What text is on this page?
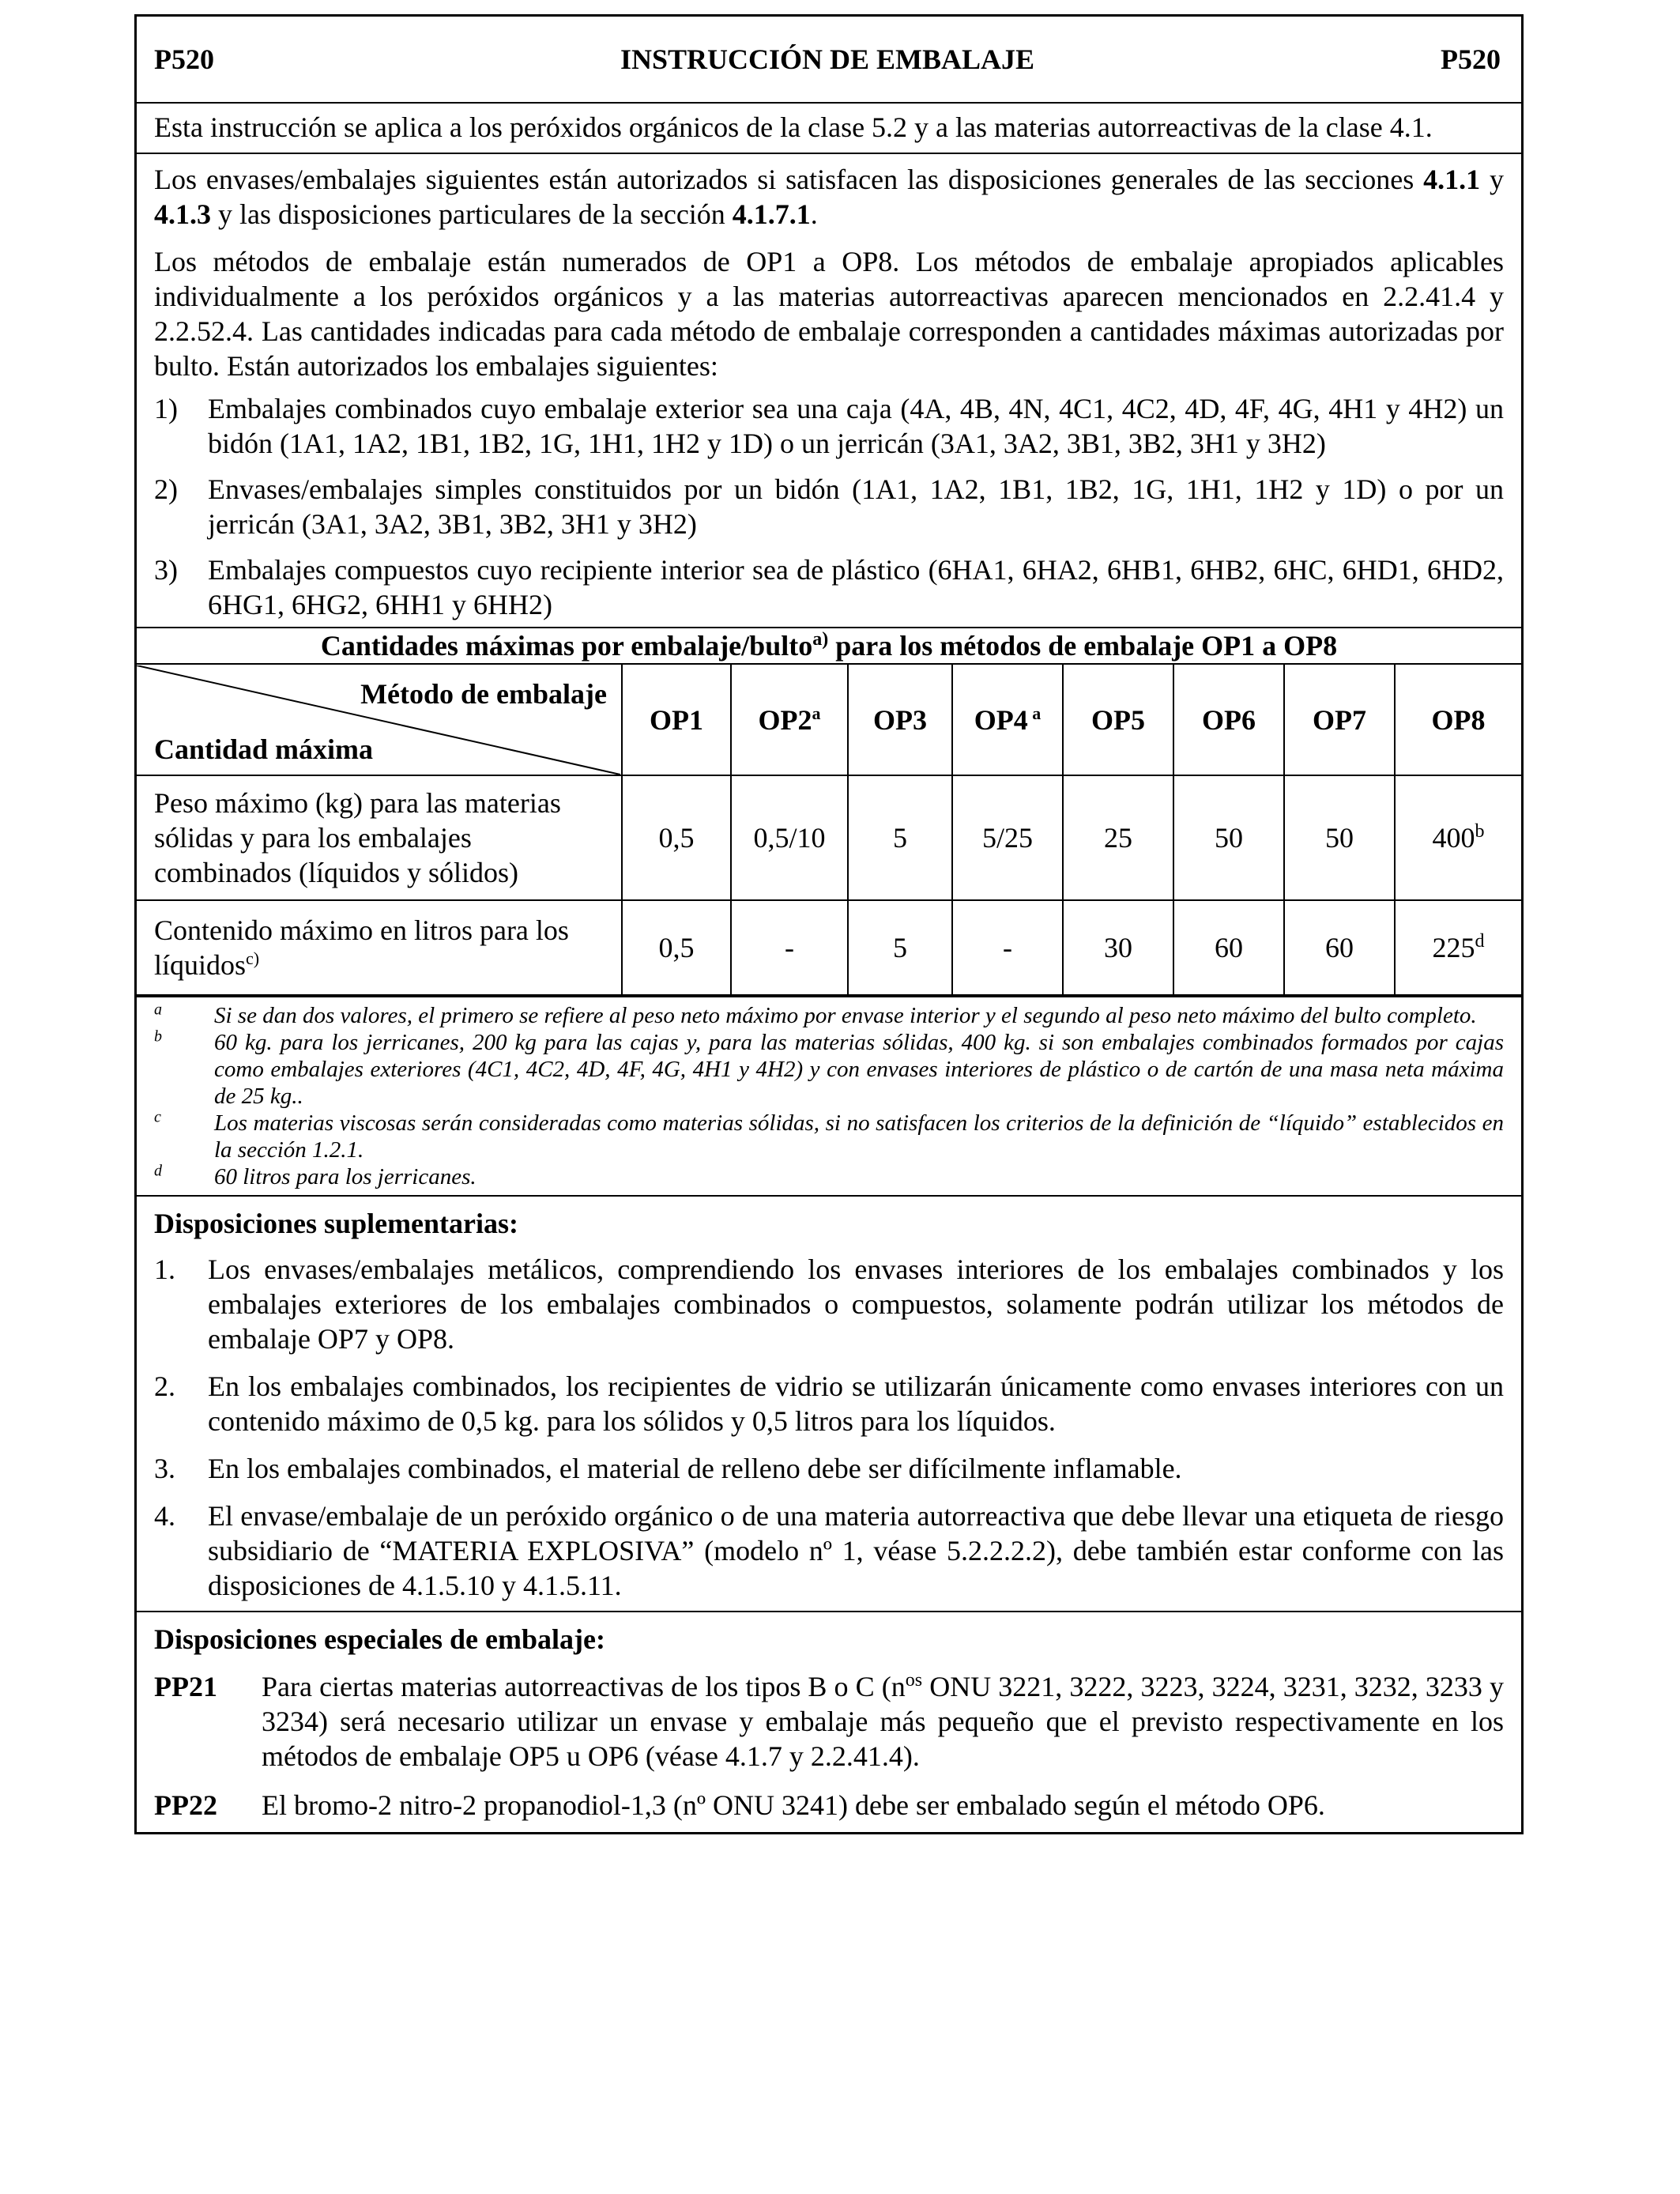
P520	INSTRUCCIÓN DE EMBALAJE	P520

Esta instrucción se aplica a los peróxidos orgánicos de la clase 5.2 y a las materias autorreactivas de la clase 4.1.

Los envases/embalajes siguientes están autorizados si satisfacen las disposiciones generales de las secciones 4.1.1 y 4.1.3 y las disposiciones particulares de la sección 4.1.7.1.

Los métodos de embalaje están numerados de OP1 a OP8. Los métodos de embalaje apropiados aplicables individualmente a los peróxidos orgánicos y a las materias autorreactivas aparecen mencionados en 2.2.41.4 y 2.2.52.4. Las cantidades indicadas para cada método de embalaje corresponden a cantidades máximas autorizadas por bulto. Están autorizados los embalajes siguientes:

1)	Embalajes combinados cuyo embalaje exterior sea una caja (4A, 4B, 4N, 4C1, 4C2, 4D, 4F, 4G, 4H1 y 4H2) un bidón (1A1, 1A2, 1B1, 1B2, 1G, 1H1, 1H2 y 1D) o un jerricán (3A1, 3A2, 3B1, 3B2, 3H1 y 3H2)
2)	Envases/embalajes simples constituidos por un bidón (1A1, 1A2, 1B1, 1B2, 1G, 1H1, 1H2 y 1D) o por un jerricán (3A1, 3A2, 3B1, 3B2, 3H1 y 3H2)
3)	Embalajes compuestos cuyo recipiente interior sea de plástico (6HA1, 6HA2, 6HB1, 6HB2, 6HC, 6HD1, 6HD2, 6HG1, 6HG2, 6HH1 y 6HH2)
Cantidades máximas por embalaje/bulto$^{a)}$ para los métodos de embalaje OP1 a OP8
Método de embalaje
Cantidad máxima	OP1	OP2$^a$	OP3	OP4 $^a$	OP5	OP6	OP7	OP8
Peso máximo (kg) para las materias sólidas y para los embalajes combinados (líquidos y sólidos)	0,5	0,5/10	5	5/25	25	50	50	400$^b$
Contenido máximo en litros para los líquidos$^{c)}$	0,5	-	5	-	30	60	60	225$^d$
$^a$	Si se dan dos valores, el primero se refiere al peso neto máximo por envase interior y el segundo al peso neto máximo del bulto completo.
$^b$	60 kg. para los jerricanes, 200 kg para las cajas y, para las materias sólidas, 400 kg. si son embalajes combinados formados por cajas como embalajes exteriores (4C1, 4C2, 4D, 4F, 4G, 4H1 y 4H2) y con envases interiores de plástico o de cartón de una masa neta máxima de 25 kg..
$^c$	Los materias viscosas serán consideradas como materias sólidas, si no satisfacen los criterios de la definición de “líquido” establecidos en la sección 1.2.1.
$^d$	60 litros para los jerricanes.

Disposiciones suplementarias:

1.	Los envases/embalajes metálicos, comprendiendo los envases interiores de los embalajes combinados y los embalajes exteriores de los embalajes combinados o compuestos, solamente podrán utilizar los métodos de embalaje OP7 y OP8.
2.	En los embalajes combinados, los recipientes de vidrio se utilizarán únicamente como envases interiores con un contenido máximo de 0,5 kg. para los sólidos y 0,5 litros para los líquidos.
3.	En los embalajes combinados, el material de relleno debe ser difícilmente inflamable.
4.	El envase/embalaje de un peróxido orgánico o de una materia autorreactiva que debe llevar una etiqueta de riesgo subsidiario de “MATERIA EXPLOSIVA” (modelo nº 1, véase 5.2.2.2.2), debe también estar conforme con las disposiciones de 4.1.5.10 y 4.1.5.11.

Disposiciones especiales de embalaje:

PP21	Para ciertas materias autorreactivas de los tipos B o C ($n^{os}$ ONU 3221, 3222, 3223, 3224, 3231, 3232, 3233 y 3234) será necesario utilizar un envase y embalaje más pequeño que el previsto respectivamente en los métodos de embalaje OP5 u OP6 (véase 4.1.7 y 2.2.41.4).
PP22	El bromo-2 nitro-2 propanodiol-1,3 (nº ONU 3241) debe ser embalado según el método OP6.
